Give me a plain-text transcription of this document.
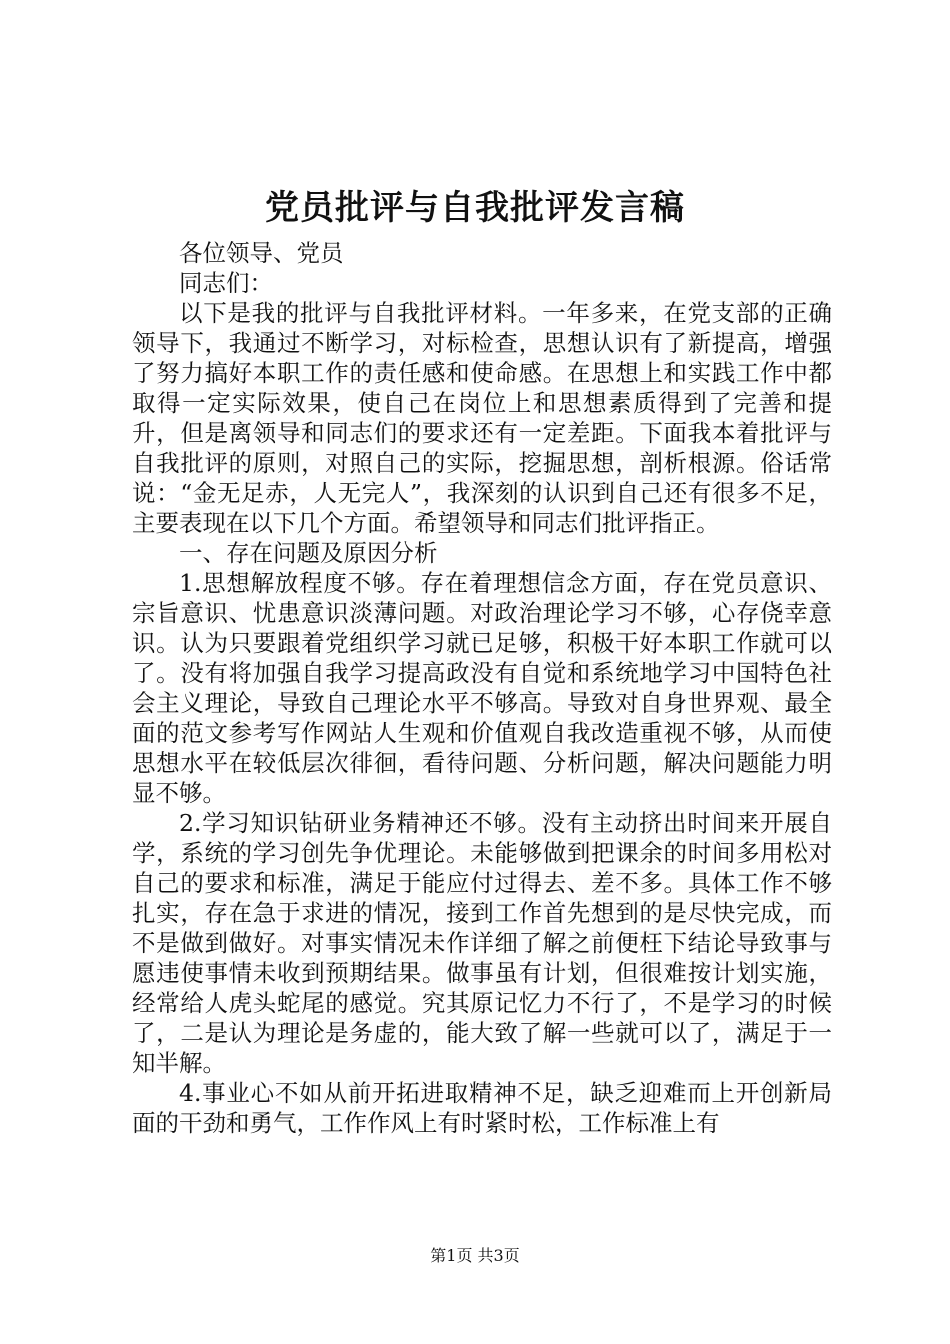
党员批评与自我批评发言稿

各位领导、党员

同志们：

以下是我的批评与自我批评材料。一年多来，在党支部的正确领导下，我通过不断学习，对标检查，思想认识有了新提高，增强了努力搞好本职工作的责任感和使命感。在思想上和实践工作中都取得一定实际效果，使自己在岗位上和思想素质得到了完善和提升，但是离领导和同志们的要求还有一定差距。下面我本着批评与自我批评的原则，对照自己的实际，挖掘思想，剖析根源。俗话常说：“金无足赤，人无完人”，我深刻的认识到自己还有很多不足，主要表现在以下几个方面。希望领导和同志们批评指正。

一、存在问题及原因分析

1.思想解放程度不够。存在着理想信念方面，存在党员意识、宗旨意识、忧患意识淡薄问题。对政治理论学习不够，心存侥幸意识。认为只要跟着党组织学习就已足够，积极干好本职工作就可以了。没有将加强自我学习提高政没有自觉和系统地学习中国特色社会主义理论，导致自己理论水平不够高。导致对自身世界观、最全面的范文参考写作网站人生观和价值观自我改造重视不够，从而使思想水平在较低层次徘徊，看待问题、分析问题，解决问题能力明显不够。

2.学习知识钻研业务精神还不够。没有主动挤出时间来开展自学，系统的学习创先争优理论。未能够做到把课余的时间多用松对自己的要求和标准，满足于能应付过得去、差不多。具体工作不够扎实，存在急于求进的情况，接到工作首先想到的是尽快完成，而不是做到做好。对事实情况未作详细了解之前便枉下结论导致事与愿违使事情未收到预期结果。做事虽有计划，但很难按计划实施，经常给人虎头蛇尾的感觉。究其原记忆力不行了，不是学习的时候了，二是认为理论是务虚的，能大致了解一些就可以了，满足于一知半解。

4.事业心不如从前开拓进取精神不足，缺乏迎难而上开创新局面的干劲和勇气，工作作风上有时紧时松，工作标准上有

第1页 共3页
